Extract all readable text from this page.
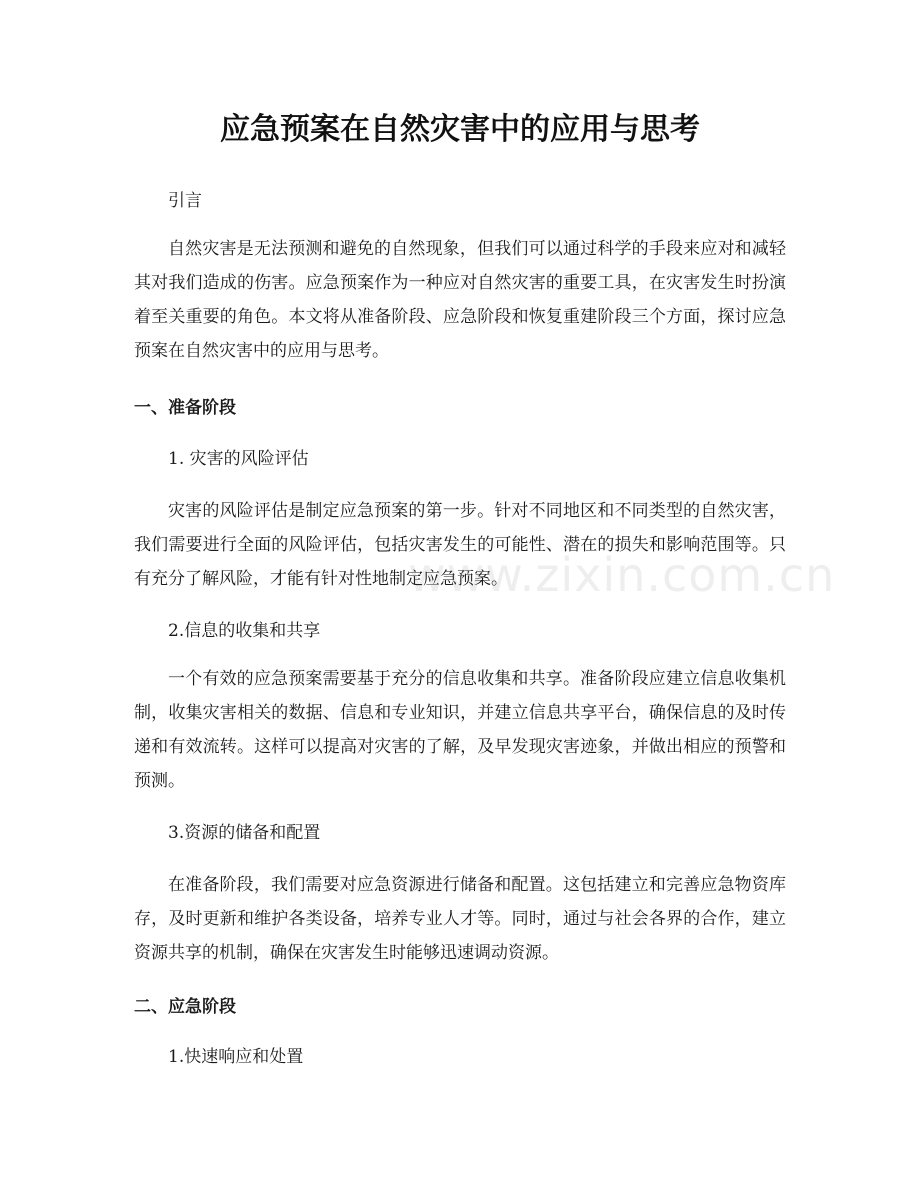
应急预案在自然灾害中的应用与思考

引言

自然灾害是无法预测和避免的自然现象，但我们可以通过科学的手段来应对和减轻其对我们造成的伤害。应急预案作为一种应对自然灾害的重要工具，在灾害发生时扮演着至关重要的角色。本文将从准备阶段、应急阶段和恢复重建阶段三个方面，探讨应急预案在自然灾害中的应用与思考。

一、准备阶段

1. 灾害的风险评估

灾害的风险评估是制定应急预案的第一步。针对不同地区和不同类型的自然灾害，我们需要进行全面的风险评估，包括灾害发生的可能性、潜在的损失和影响范围等。只有充分了解风险，才能有针对性地制定应急预案。

2.信息的收集和共享

一个有效的应急预案需要基于充分的信息收集和共享。准备阶段应建立信息收集机制，收集灾害相关的数据、信息和专业知识，并建立信息共享平台，确保信息的及时传递和有效流转。这样可以提高对灾害的了解，及早发现灾害迹象，并做出相应的预警和预测。

3.资源的储备和配置

在准备阶段，我们需要对应急资源进行储备和配置。这包括建立和完善应急物资库存，及时更新和维护各类设备，培养专业人才等。同时，通过与社会各界的合作，建立资源共享的机制，确保在灾害发生时能够迅速调动资源。

二、应急阶段

1.快速响应和处置

www.zixin.com.cn
